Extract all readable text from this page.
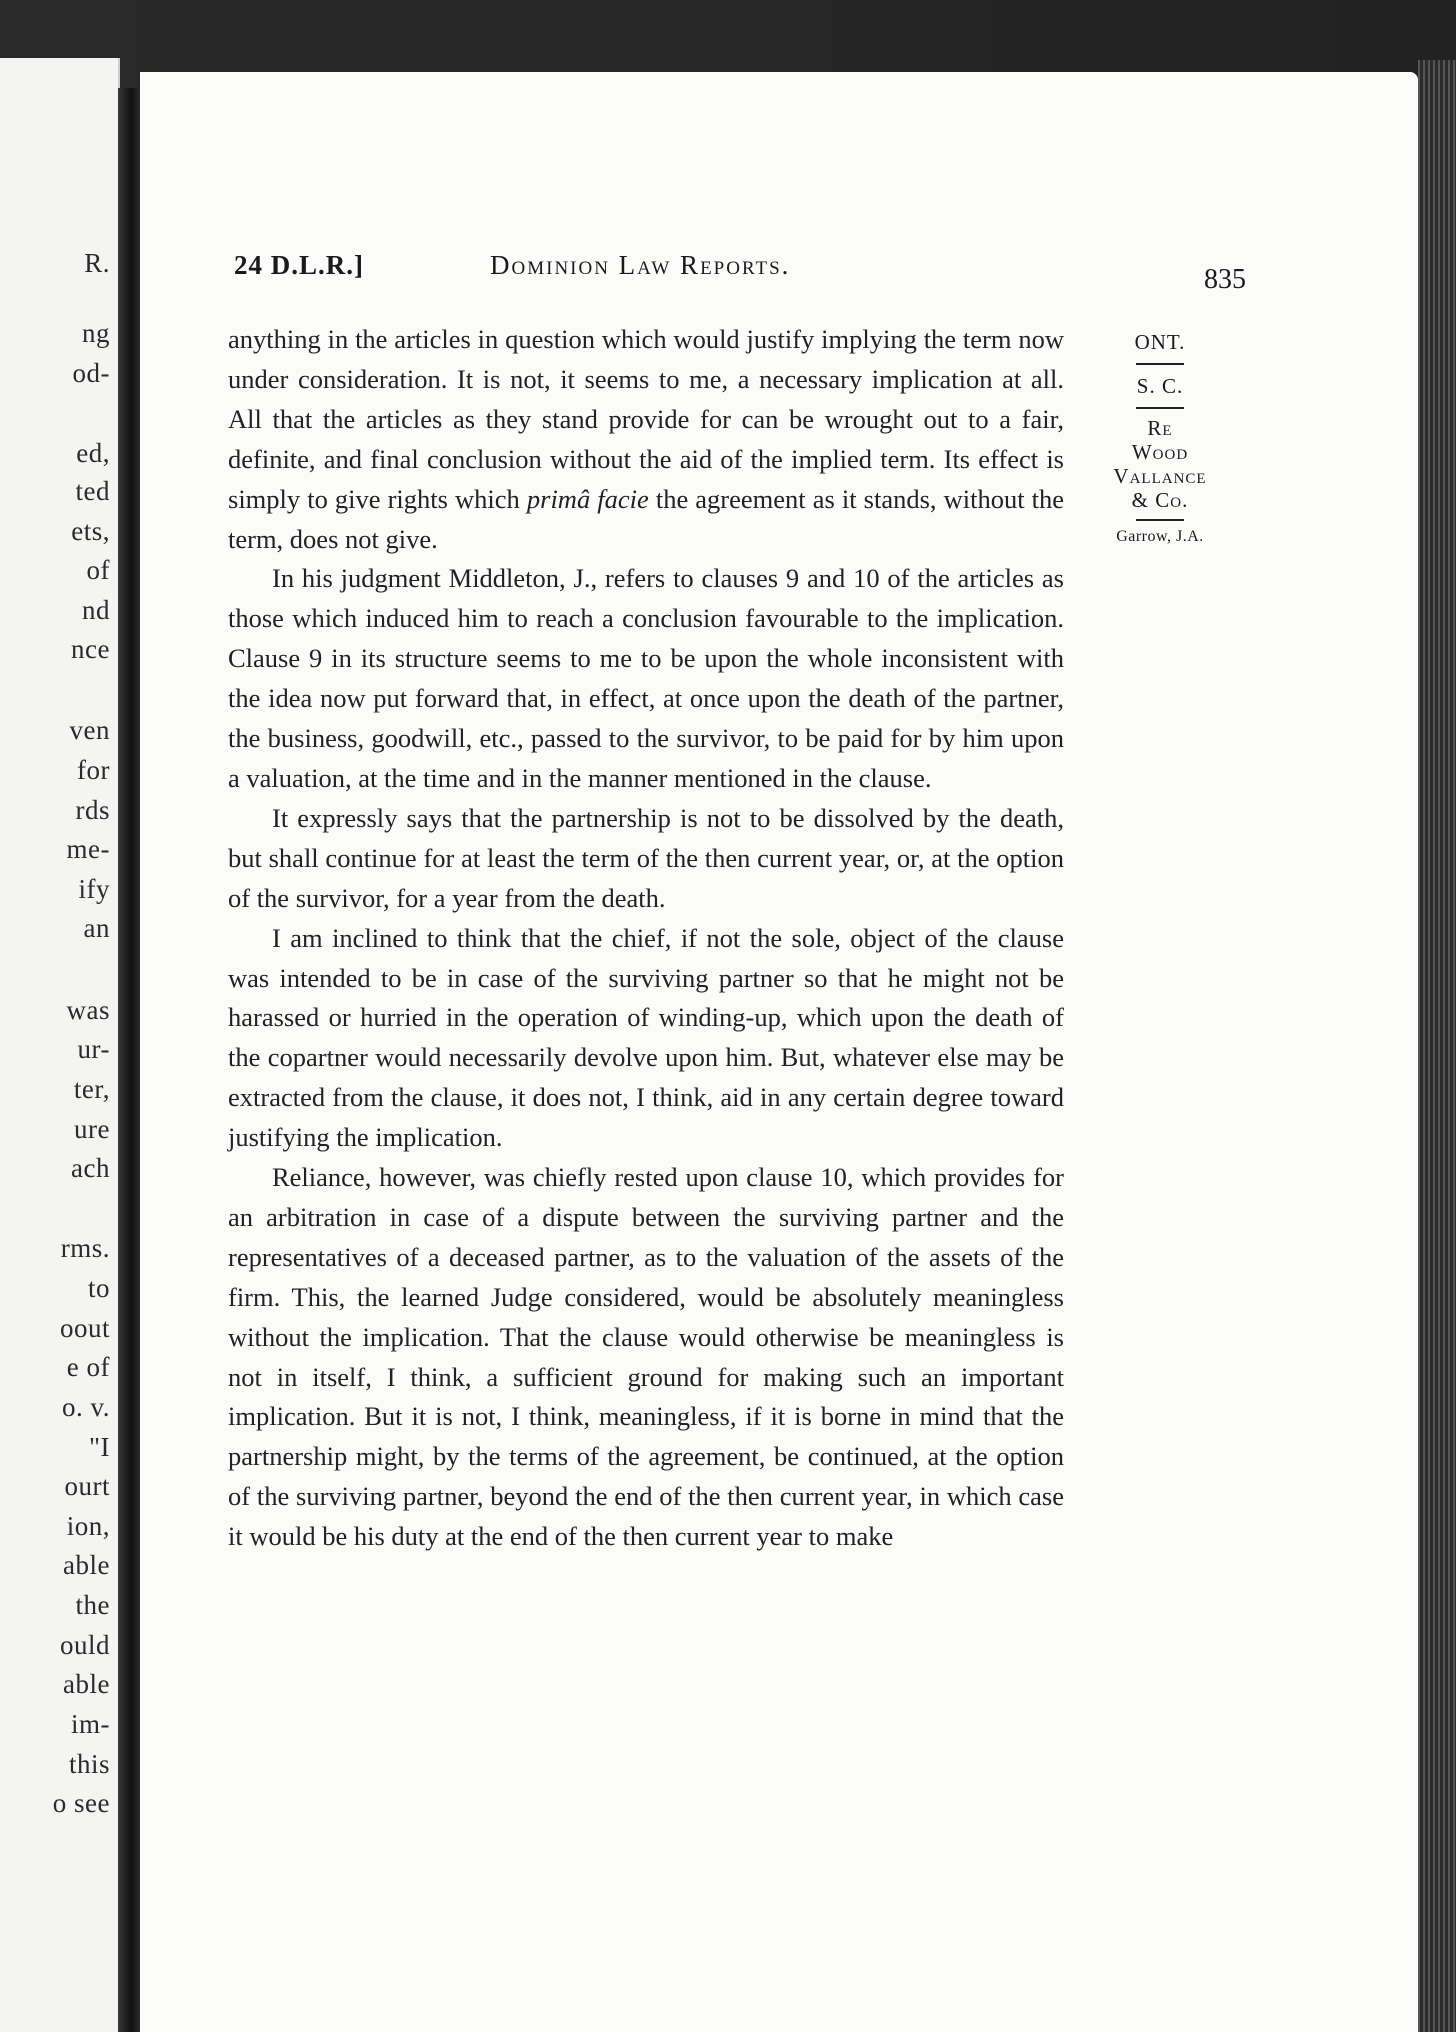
R.
ng
od-
ed,
ted
ets,
of
nd
nce
ven
for
rds
me-
ify
an
was
ur-
ter,
ure
ach
rms.
to
oout
e of
o. v.
"I
ourt
ion,
able
the
ould
able
im-
this
o see
24 D.L.R.]	Dominion Law Reports.	835
ONT.
S. C.
Re
Wood
Vallance
& Co.
Garrow, J.A.

anything in the articles in question which would justify implying the term now under consideration. It is not, it seems to me, a necessary implication at all. All that the articles as they stand provide for can be wrought out to a fair, definite, and final conclusion without the aid of the implied term. Its effect is simply to give rights which primâ facie the agreement as it stands, without the term, does not give.

In his judgment Middleton, J., refers to clauses 9 and 10 of the articles as those which induced him to reach a conclusion favourable to the implication. Clause 9 in its structure seems to me to be upon the whole inconsistent with the idea now put forward that, in effect, at once upon the death of the partner, the business, goodwill, etc., passed to the survivor, to be paid for by him upon a valuation, at the time and in the manner mentioned in the clause.

It expressly says that the partnership is not to be dissolved by the death, but shall continue for at least the term of the then current year, or, at the option of the survivor, for a year from the death.

I am inclined to think that the chief, if not the sole, object of the clause was intended to be in case of the surviving partner so that he might not be harassed or hurried in the operation of winding-up, which upon the death of the copartner would necessarily devolve upon him. But, whatever else may be extracted from the clause, it does not, I think, aid in any certain degree toward justifying the implication.

Reliance, however, was chiefly rested upon clause 10, which provides for an arbitration in case of a dispute between the surviving partner and the representatives of a deceased partner, as to the valuation of the assets of the firm. This, the learned Judge considered, would be absolutely meaningless without the implication. That the clause would otherwise be meaningless is not in itself, I think, a sufficient ground for making such an important implication. But it is not, I think, meaningless, if it is borne in mind that the partnership might, by the terms of the agreement, be continued, at the option of the surviving partner, beyond the end of the then current year, in which case it would be his duty at the end of the then current year to make
